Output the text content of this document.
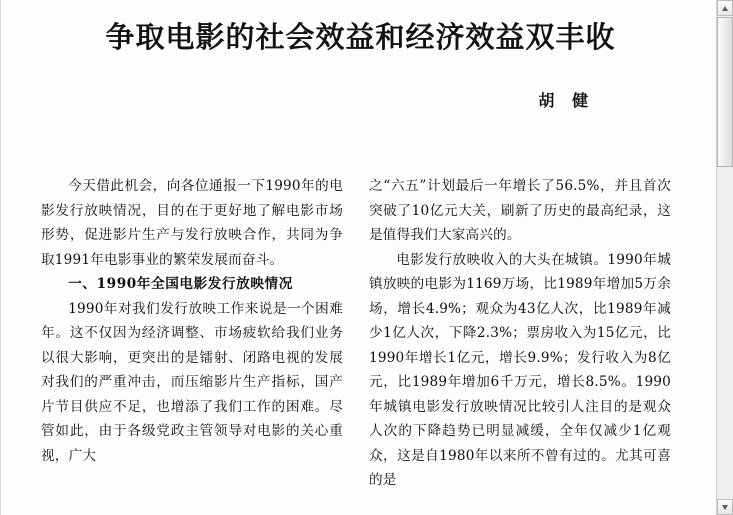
争取电影的社会效益和经济效益双丰收
胡 健

今天借此机会，向各位通报一下1990年的电影发行放映情况，目的在于更好地了解电影市场形势，促进影片生产与发行放映合作，共同为争取1991年电影事业的繁荣发展而奋斗。

一、1990年全国电影发行放映情况

1990年对我们发行放映工作来说是一个困难年。这不仅因为经济调整、市场疲软给我们业务以很大影响，更突出的是镭射、闭路电视的发展对我们的严重冲击，而压缩影片生产指标，国产片节目供应不足，也增添了我们工作的困难。尽管如此，由于各级党政主管领导对电影的关心重视，广大

之“六五”计划最后一年增长了56.5%，并且首次突破了10亿元大关，刷新了历史的最高纪录，这是值得我们大家高兴的。

电影发行放映收入的大头在城镇。1990年城镇放映的电影为1169万场，比1989年增加5万余场，增长4.9%；观众为43亿人次，比1989年减少1亿人次，下降2.3%；票房收入为15亿元，比1990年增长1亿元，增长9.9%；发行收入为8亿元，比1989年增加6千万元，增长8.5%。1990年城镇电影发行放映情况比较引人注目的是观众人次的下降趋势已明显减缓，全年仅减少1亿观众，这是自1980年以来所不曾有过的。尤其可喜的是
